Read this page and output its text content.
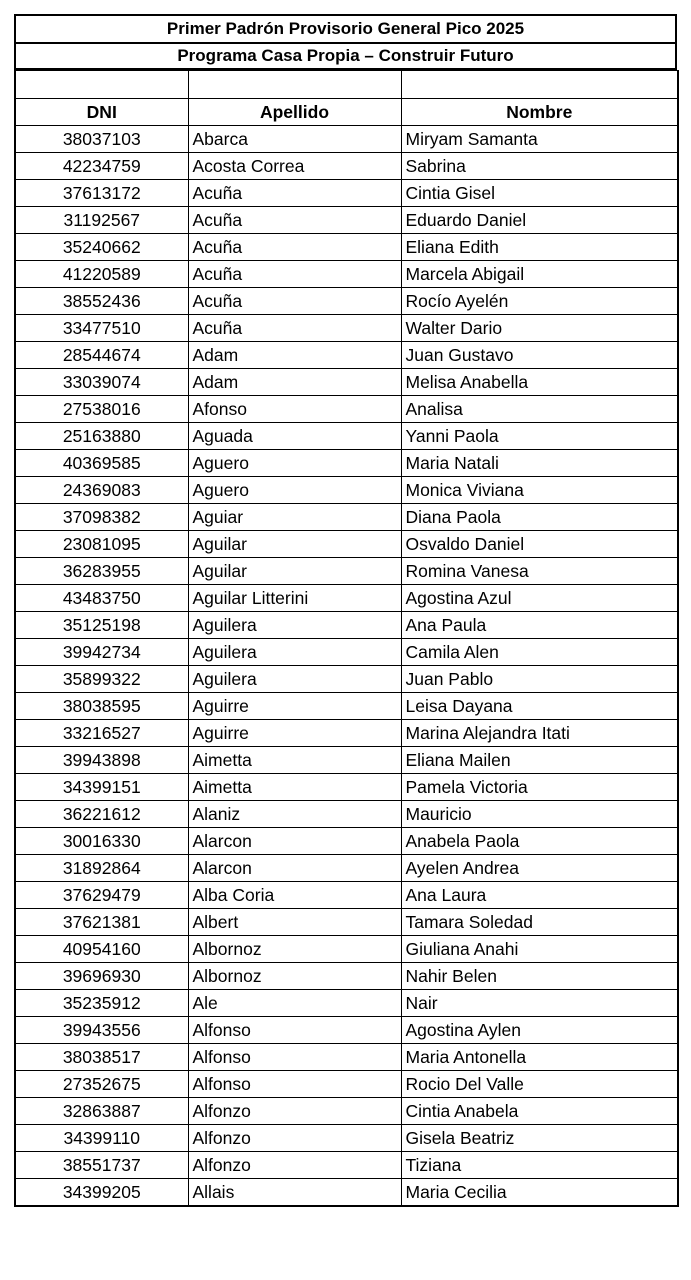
Primer Padrón Provisorio General Pico 2025
Programa Casa Propia – Construir Futuro

DNI	Apellido	Nombre
38037103	Abarca	Miryam Samanta
42234759	Acosta Correa	Sabrina
37613172	Acuña	Cintia Gisel
31192567	Acuña	Eduardo Daniel
35240662	Acuña	Eliana Edith
41220589	Acuña	Marcela Abigail
38552436	Acuña	Rocío Ayelén
33477510	Acuña	Walter Dario
28544674	Adam	Juan Gustavo
33039074	Adam	Melisa Anabella
27538016	Afonso	Analisa
25163880	Aguada	Yanni Paola
40369585	Aguero	Maria Natali
24369083	Aguero	Monica Viviana
37098382	Aguiar	Diana Paola
23081095	Aguilar	Osvaldo Daniel
36283955	Aguilar	Romina Vanesa
43483750	Aguilar Litterini	Agostina Azul
35125198	Aguilera	Ana Paula
39942734	Aguilera	Camila Alen
35899322	Aguilera	Juan Pablo
38038595	Aguirre	Leisa Dayana
33216527	Aguirre	Marina Alejandra Itati
39943898	Aimetta	Eliana Mailen
34399151	Aimetta	Pamela Victoria
36221612	Alaniz	Mauricio
30016330	Alarcon	Anabela Paola
31892864	Alarcon	Ayelen Andrea
37629479	Alba Coria	Ana Laura
37621381	Albert	Tamara Soledad
40954160	Albornoz	Giuliana Anahi
39696930	Albornoz	Nahir Belen
35235912	Ale	Nair
39943556	Alfonso	Agostina Aylen
38038517	Alfonso	Maria Antonella
27352675	Alfonso	Rocio Del Valle
32863887	Alfonzo	Cintia Anabela
34399110	Alfonzo	Gisela Beatriz
38551737	Alfonzo	Tiziana
34399205	Allais	Maria Cecilia
